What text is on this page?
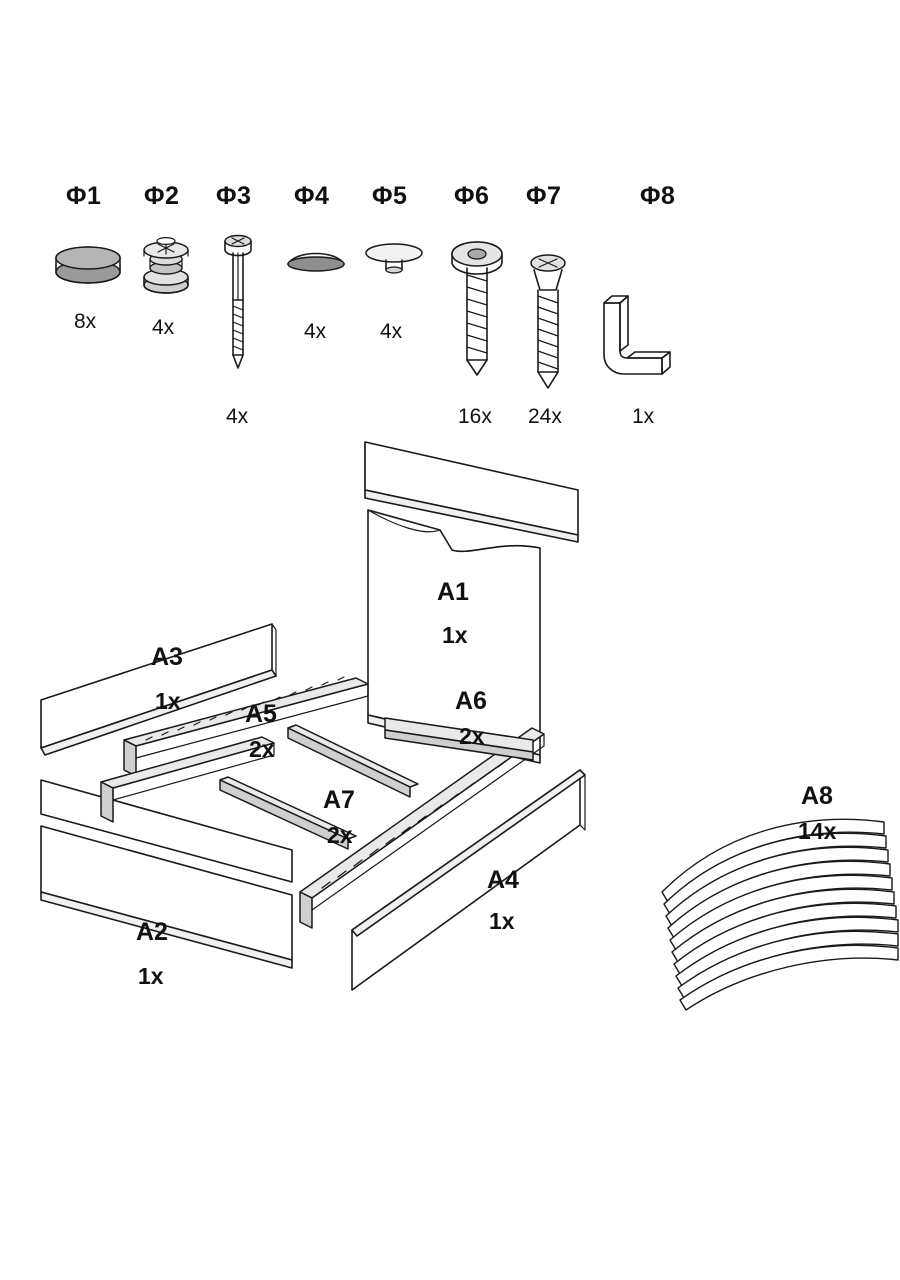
Φ1 Φ2 Φ3 Φ4 Φ5 Φ6 Φ7	Φ8
8x	4x
4x
4x	4x
16x 24x	1x
A1
1x
A3
1x	A5
2x
A6
2x
A7
2x
A4
1x
A2
1x
A8
14x
